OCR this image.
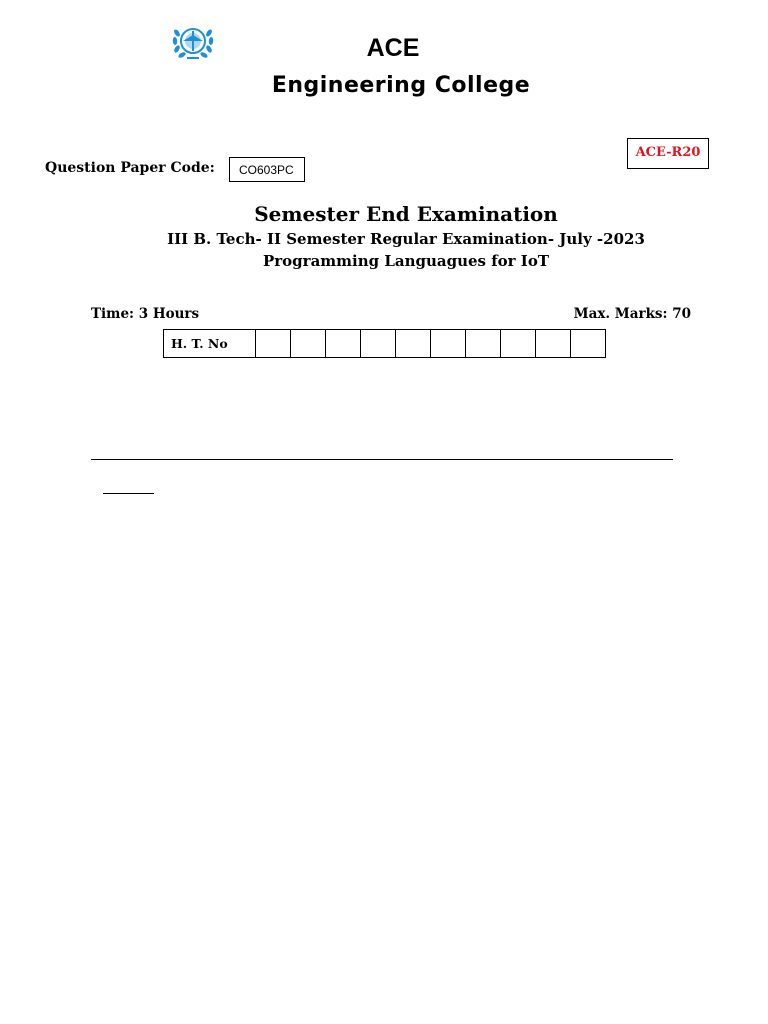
ACE
Engineering College
Question Paper Code:	CO603PC
ACE-R20
Semester End Examination
III B. Tech- II Semester Regular Examination- July -2023
Programming Languagues for IoT
Time: 3 Hours	Max. Marks: 70
H. T. No										
